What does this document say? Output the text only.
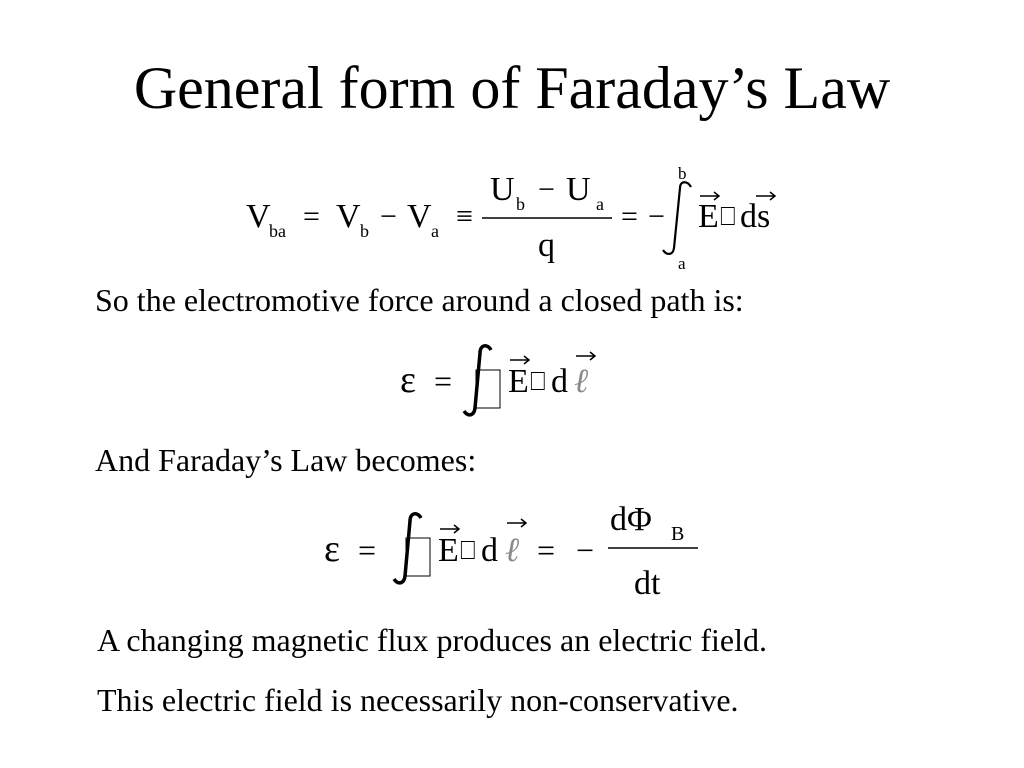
General form of Faraday’s Law
V
ba = V b − V a ≡
U b − U a
q
= −
b
a
E ⎕ ds
So the electromotive force around a closed path is:
ε = E ⎕ d ℓ
And Faraday’s Law becomes:
ε = E ⎕ d ℓ = −
dΦ B
dt
A changing magnetic flux produces an electric field.
This electric field is necessarily non-conservative.
